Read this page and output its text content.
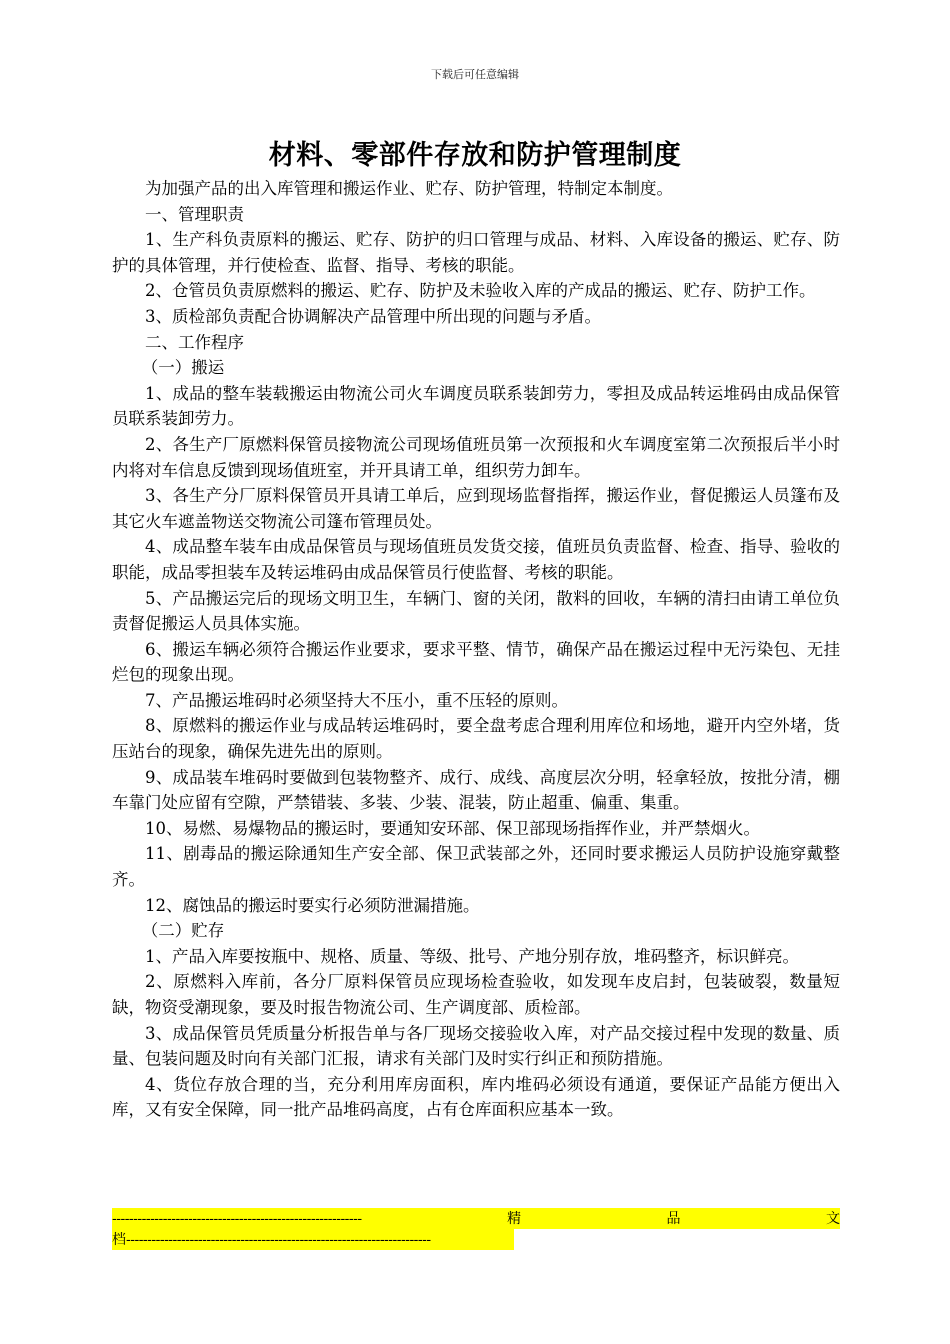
下载后可任意编辑
材料、零部件存放和防护管理制度

为加强产品的出入库管理和搬运作业、贮存、防护管理，特制定本制度。

一、管理职责

1、生产科负责原料的搬运、贮存、防护的归口管理与成品、材料、入库设备的搬运、贮存、防护的具体管理，并行使检查、监督、指导、考核的职能。

2、仓管员负责原燃料的搬运、贮存、防护及未验收入库的产成品的搬运、贮存、防护工作。

3、质检部负责配合协调解决产品管理中所出现的问题与矛盾。

二、工作程序

（一）搬运

1、成品的整车装载搬运由物流公司火车调度员联系装卸劳力，零担及成品转运堆码由成品保管员联系装卸劳力。

2、各生产厂原燃料保管员接物流公司现场值班员第一次预报和火车调度室第二次预报后半小时内将对车信息反馈到现场值班室，并开具请工单，组织劳力卸车。

3、各生产分厂原料保管员开具请工单后，应到现场监督指挥，搬运作业，督促搬运人员篷布及其它火车遮盖物送交物流公司篷布管理员处。

4、成品整车装车由成品保管员与现场值班员发货交接，值班员负责监督、检查、指导、验收的职能，成品零担装车及转运堆码由成品保管员行使监督、考核的职能。

5、产品搬运完后的现场文明卫生，车辆门、窗的关闭，散料的回收，车辆的清扫由请工单位负责督促搬运人员具体实施。

6、搬运车辆必须符合搬运作业要求，要求平整、情节，确保产品在搬运过程中无污染包、无挂烂包的现象出现。

7、产品搬运堆码时必须坚持大不压小，重不压轻的原则。

8、原燃料的搬运作业与成品转运堆码时，要全盘考虑合理利用库位和场地，避开内空外堵，货压站台的现象，确保先进先出的原则。

9、成品装车堆码时要做到包装物整齐、成行、成线、高度层次分明，轻拿轻放，按批分清，棚车靠门处应留有空隙，严禁错装、多装、少装、混装，防止超重、偏重、集重。

10、易燃、易爆物品的搬运时，要通知安环部、保卫部现场指挥作业，并严禁烟火。

11、剧毒品的搬运除通知生产安全部、保卫武装部之外，还同时要求搬运人员防护设施穿戴整齐。

12、腐蚀品的搬运时要实行必须防泄漏措施。

（二）贮存

1、产品入库要按瓶中、规格、质量、等级、批号、产地分别存放，堆码整齐，标识鲜亮。

2、原燃料入库前，各分厂原料保管员应现场检查验收，如发现车皮启封，包装破裂，数量短缺，物资受潮现象，要及时报告物流公司、生产调度部、质检部。

3、成品保管员凭质量分析报告单与各厂现场交接验收入库，对产品交接过程中发现的数量、质量、包装问题及时向有关部门汇报，请求有关部门及时实行纠正和预防措施。

4、货位存放合理的当，充分利用库房面积，库内堆码必须设有通道，要保证产品能方便出入库，又有安全保障，同一批产品堆码高度，占有仓库面积应基本一致。

-----------------------------------------------------------	精	品	文
档------------------------------------------------------------------------
